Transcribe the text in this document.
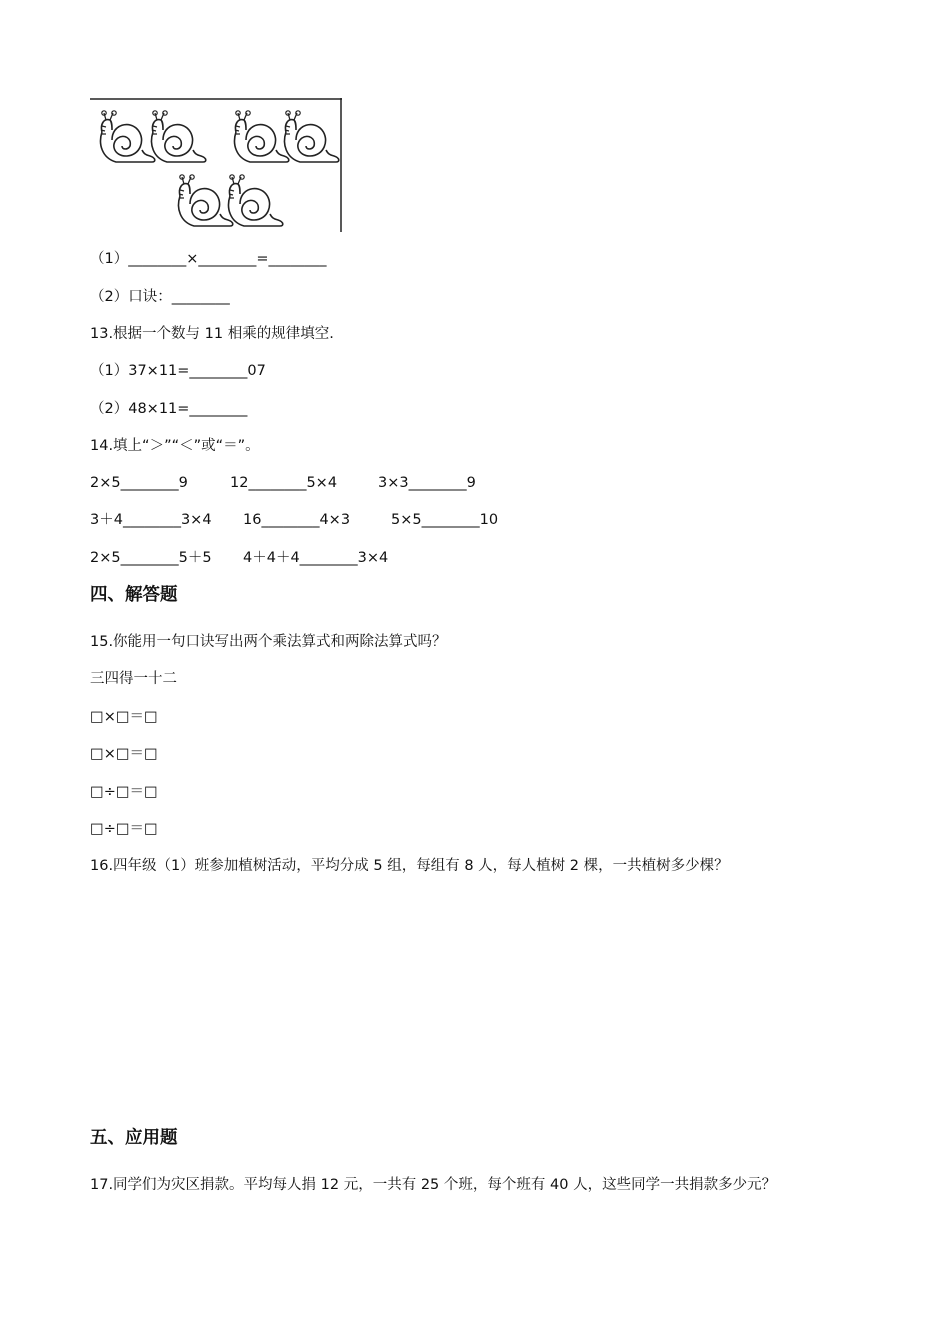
（1）________×________=________
（2）口诀：________
13.根据一个数与 11 相乘的规律填空.
（1）37×11=________07
（2）48×11=________
14.填上“＞”“＜”或“＝”。
2×5________9	12________5×4	3×3________9
3＋4________3×4 16________4×3	5×5________10
2×5________5＋5 4＋4＋4________3×4
四、解答题
15.你能用一句口诀写出两个乘法算式和两除法算式吗？
三四得一十二
□×□＝□
□×□＝□
□÷□＝□
□÷□＝□
16.四年级（1）班参加植树活动，平均分成 5 组，每组有 8 人，每人植树 2 棵，一共植树多少棵？
五、应用题
17.同学们为灾区捐款。平均每人捐 12 元，一共有 25 个班，每个班有 40 人，这些同学一共捐款多少元？
